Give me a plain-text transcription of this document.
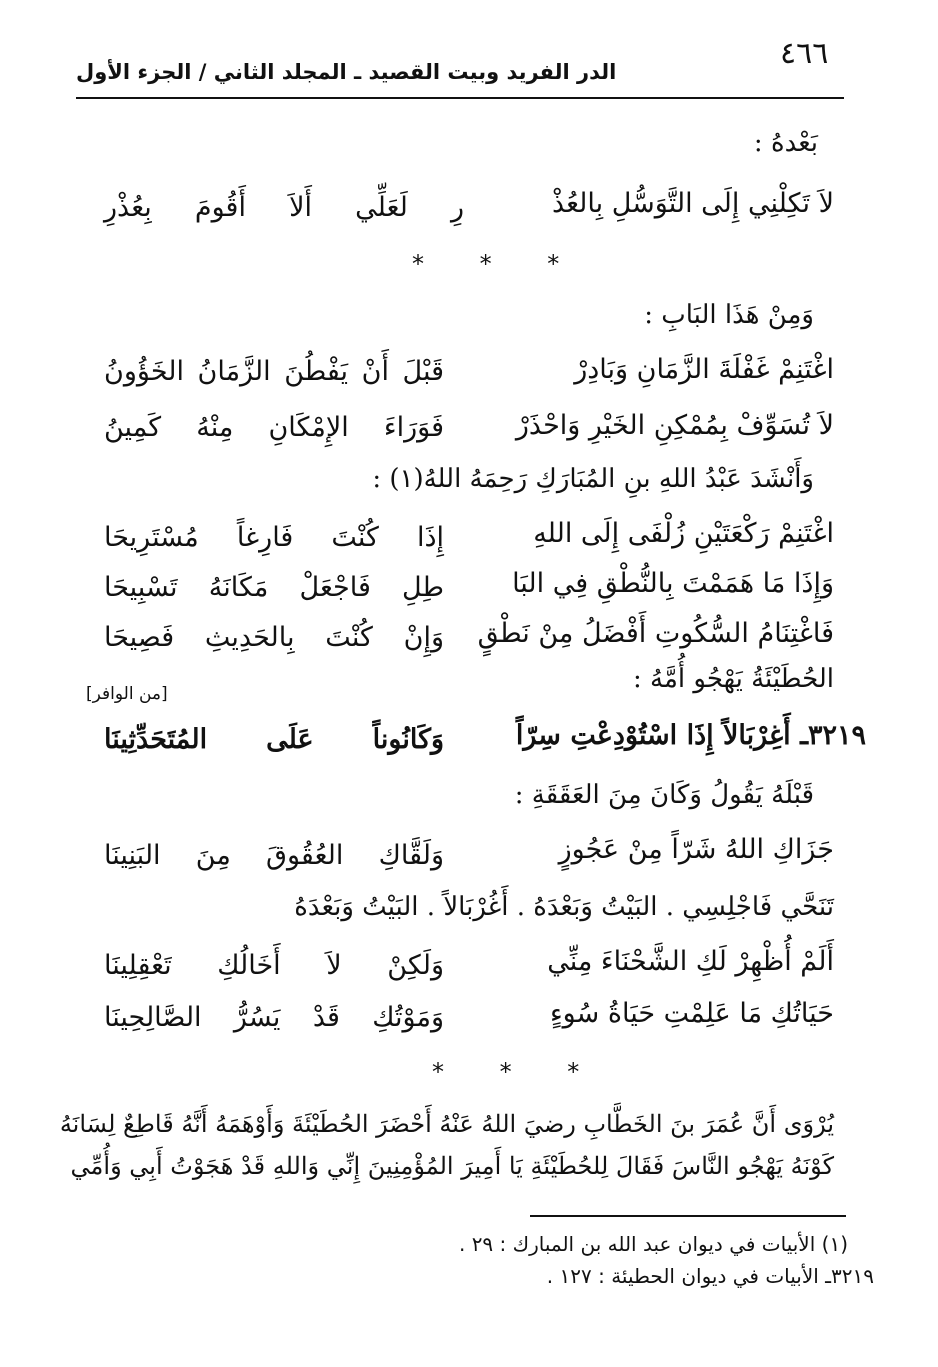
٤٦٦
الدر الفريد وبيت القصيد ـ المجلد الثاني / الجزء الأول
بَعْدهُ :
لاَ تَكِلْنِي إِلَى التَّوَسُّلِ بِالعُذْ
رِ لَعَلِّي أَلاَ أَقُومَ بِعُذْرِ
* * *
وَمِنْ هَذَا البَابِ :
اغْتَنِمْ غَفْلَةَ الزَّمَانِ وَبَادِرْ
قَبْلَ أَنْ يَفْطُنَ الزَّمَانُ الخَؤُونُ
لاَ تُسَوِّفْ بِمُمْكِنِ الخَيْرِ وَاحْذَرْ
فَوَرَاءَ الإِمْكَانِ مِنْهُ كَمِينُ
وَأَنْشَدَ عَبْدُ اللهِ بنِ المُبَارَكِ رَحِمَهُ اللهُ(١) :
اغْتَنِمْ رَكْعَتَيْنِ زُلْفَى إِلَى اللهِ
إِذَا كُنْتَ فَارِغاً مُسْتَرِيحَا
وَإِذَا مَا هَمَمْتَ بِالنُّطْقِ فِي البَا
طِلِ فَاجْعَلْ مَكَانَهُ تَسْبِيحَا
فَاغْتِنَامُ السُّكُوتِ أَفْضَلُ مِنْ نَطْقٍ
وَإِنْ كُنْتَ بِالحَدِيثِ فَصِيحَا
الحُطَيْئَةُ يَهْجُو أُمَّهُ :
[من الوافر]
٣٢١٩ـ أَغِرْبَالاً إِذَا اسْتُوْدِعْتِ سِرّاً
وَكَانُوناً عَلَى المُتَحَدِّثِينَا
قَبْلَهُ يَقُولُ وَكَانَ مِنَ العَقَقَةِ :
جَزَاكِ اللهُ شَرّاً مِنْ عَجُوزٍ
وَلَقَّاكِ العُقُوقَ مِنَ البَنِينَا
تَنَحَّي فَاجْلِسِي . البَيْتُ وَبَعْدَهُ . أَغُرْبَالاً . البَيْتُ وَبَعْدَهُ
أَلَمْ أُظْهِرْ لَكِ الشَّحْنَاءَ مِنِّي
وَلَكِنْ لاَ أَخَالُكِ تَعْقِلِينَا
حَيَاتُكِ مَا عَلِمْتِ حَيَاةُ سُوءٍ
وَمَوْتُكِ قَدْ يَسُرُّ الصَّالِحِينَا
* * *
يُرْوَى أَنَّ عُمَرَ بنَ الخَطَّابِ رضيَ اللهُ عَنْهُ أَحْضَرَ الحُطَيْئَةَ وَأَوْهَمَهُ أَنَّهُ قَاطِعٌ لِسَانَهُ
كَوْنَهُ يَهْجُو النَّاسَ فَقَالَ لِلحُطَيْئَةِ يَا أَمِيرَ المُؤْمِنِينَ إِنِّي وَاللهِ قَدْ هَجَوْتُ أَبِي وَأُمِّي
(١) الأبيات في ديوان عبد الله بن المبارك : ٢٩ .
٣٢١٩ـ الأبيات في ديوان الحطيئة : ١٢٧ .
